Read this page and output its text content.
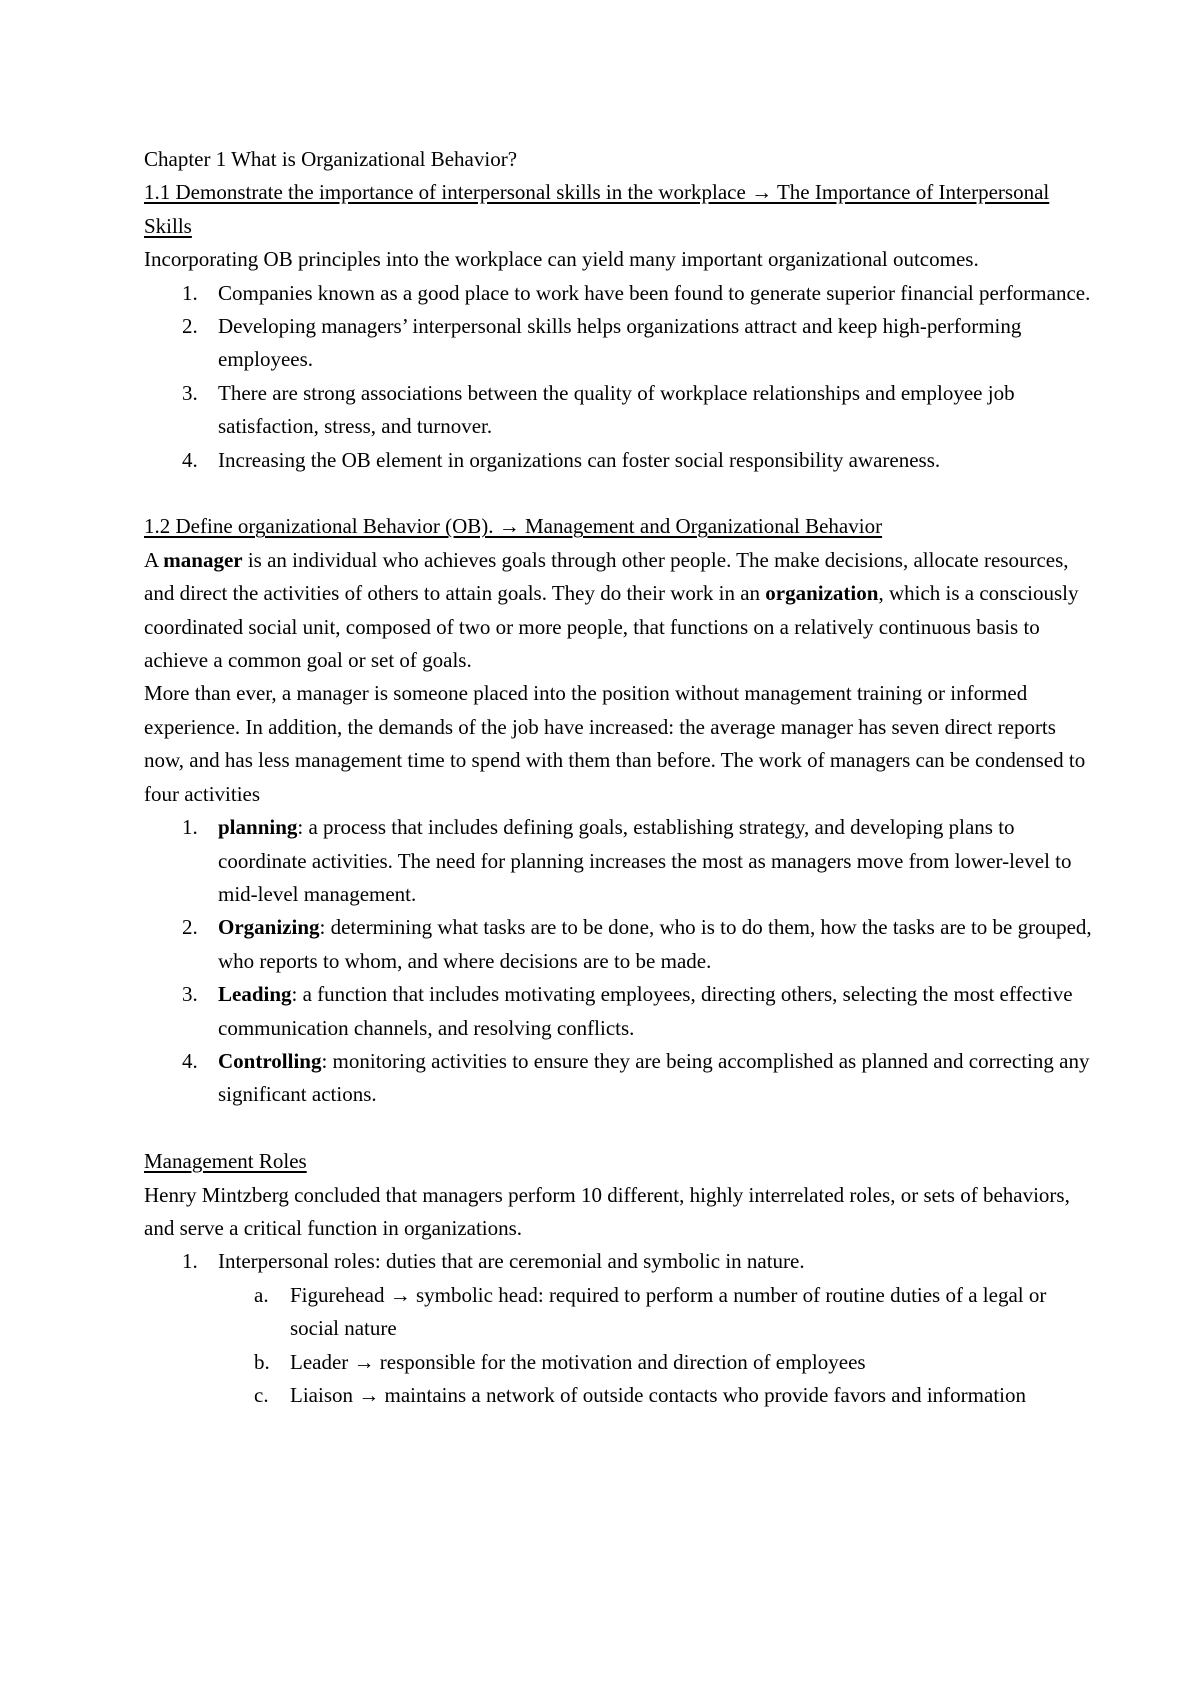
Chapter 1 What is Organizational Behavior?

1.1 Demonstrate the importance of interpersonal skills in the workplace → The Importance of Interpersonal Skills

Incorporating OB principles into the workplace can yield many important organizational outcomes.

1. Companies known as a good place to work have been found to generate superior financial performance.
2. Developing managers’ interpersonal skills helps organizations attract and keep high-performing employees.
3. There are strong associations between the quality of workplace relationships and employee job satisfaction, stress, and turnover.
4. Increasing the OB element in organizations can foster social responsibility awareness.

1.2 Define organizational Behavior (OB). → Management and Organizational Behavior

A manager is an individual who achieves goals through other people. The make decisions, allocate resources, and direct the activities of others to attain goals. They do their work in an organization, which is a consciously coordinated social unit, composed of two or more people, that functions on a relatively continuous basis to achieve a common goal or set of goals.

More than ever, a manager is someone placed into the position without management training or informed experience. In addition, the demands of the job have increased: the average manager has seven direct reports now, and has less management time to spend with them than before. The work of managers can be condensed to four activities

1. planning: a process that includes defining goals, establishing strategy, and developing plans to coordinate activities. The need for planning increases the most as managers move from lower-level to mid-level management.
2. Organizing: determining what tasks are to be done, who is to do them, how the tasks are to be grouped, who reports to whom, and where decisions are to be made.
3. Leading: a function that includes motivating employees, directing others, selecting the most effective communication channels, and resolving conflicts.
4. Controlling: monitoring activities to ensure they are being accomplished as planned and correcting any significant actions.

Management Roles

Henry Mintzberg concluded that managers perform 10 different, highly interrelated roles, or sets of behaviors, and serve a critical function in organizations.

1. Interpersonal roles: duties that are ceremonial and symbolic in nature.
a. Figurehead → symbolic head: required to perform a number of routine duties of a legal or social nature
b. Leader → responsible for the motivation and direction of employees
c. Liaison → maintains a network of outside contacts who provide favors and information
